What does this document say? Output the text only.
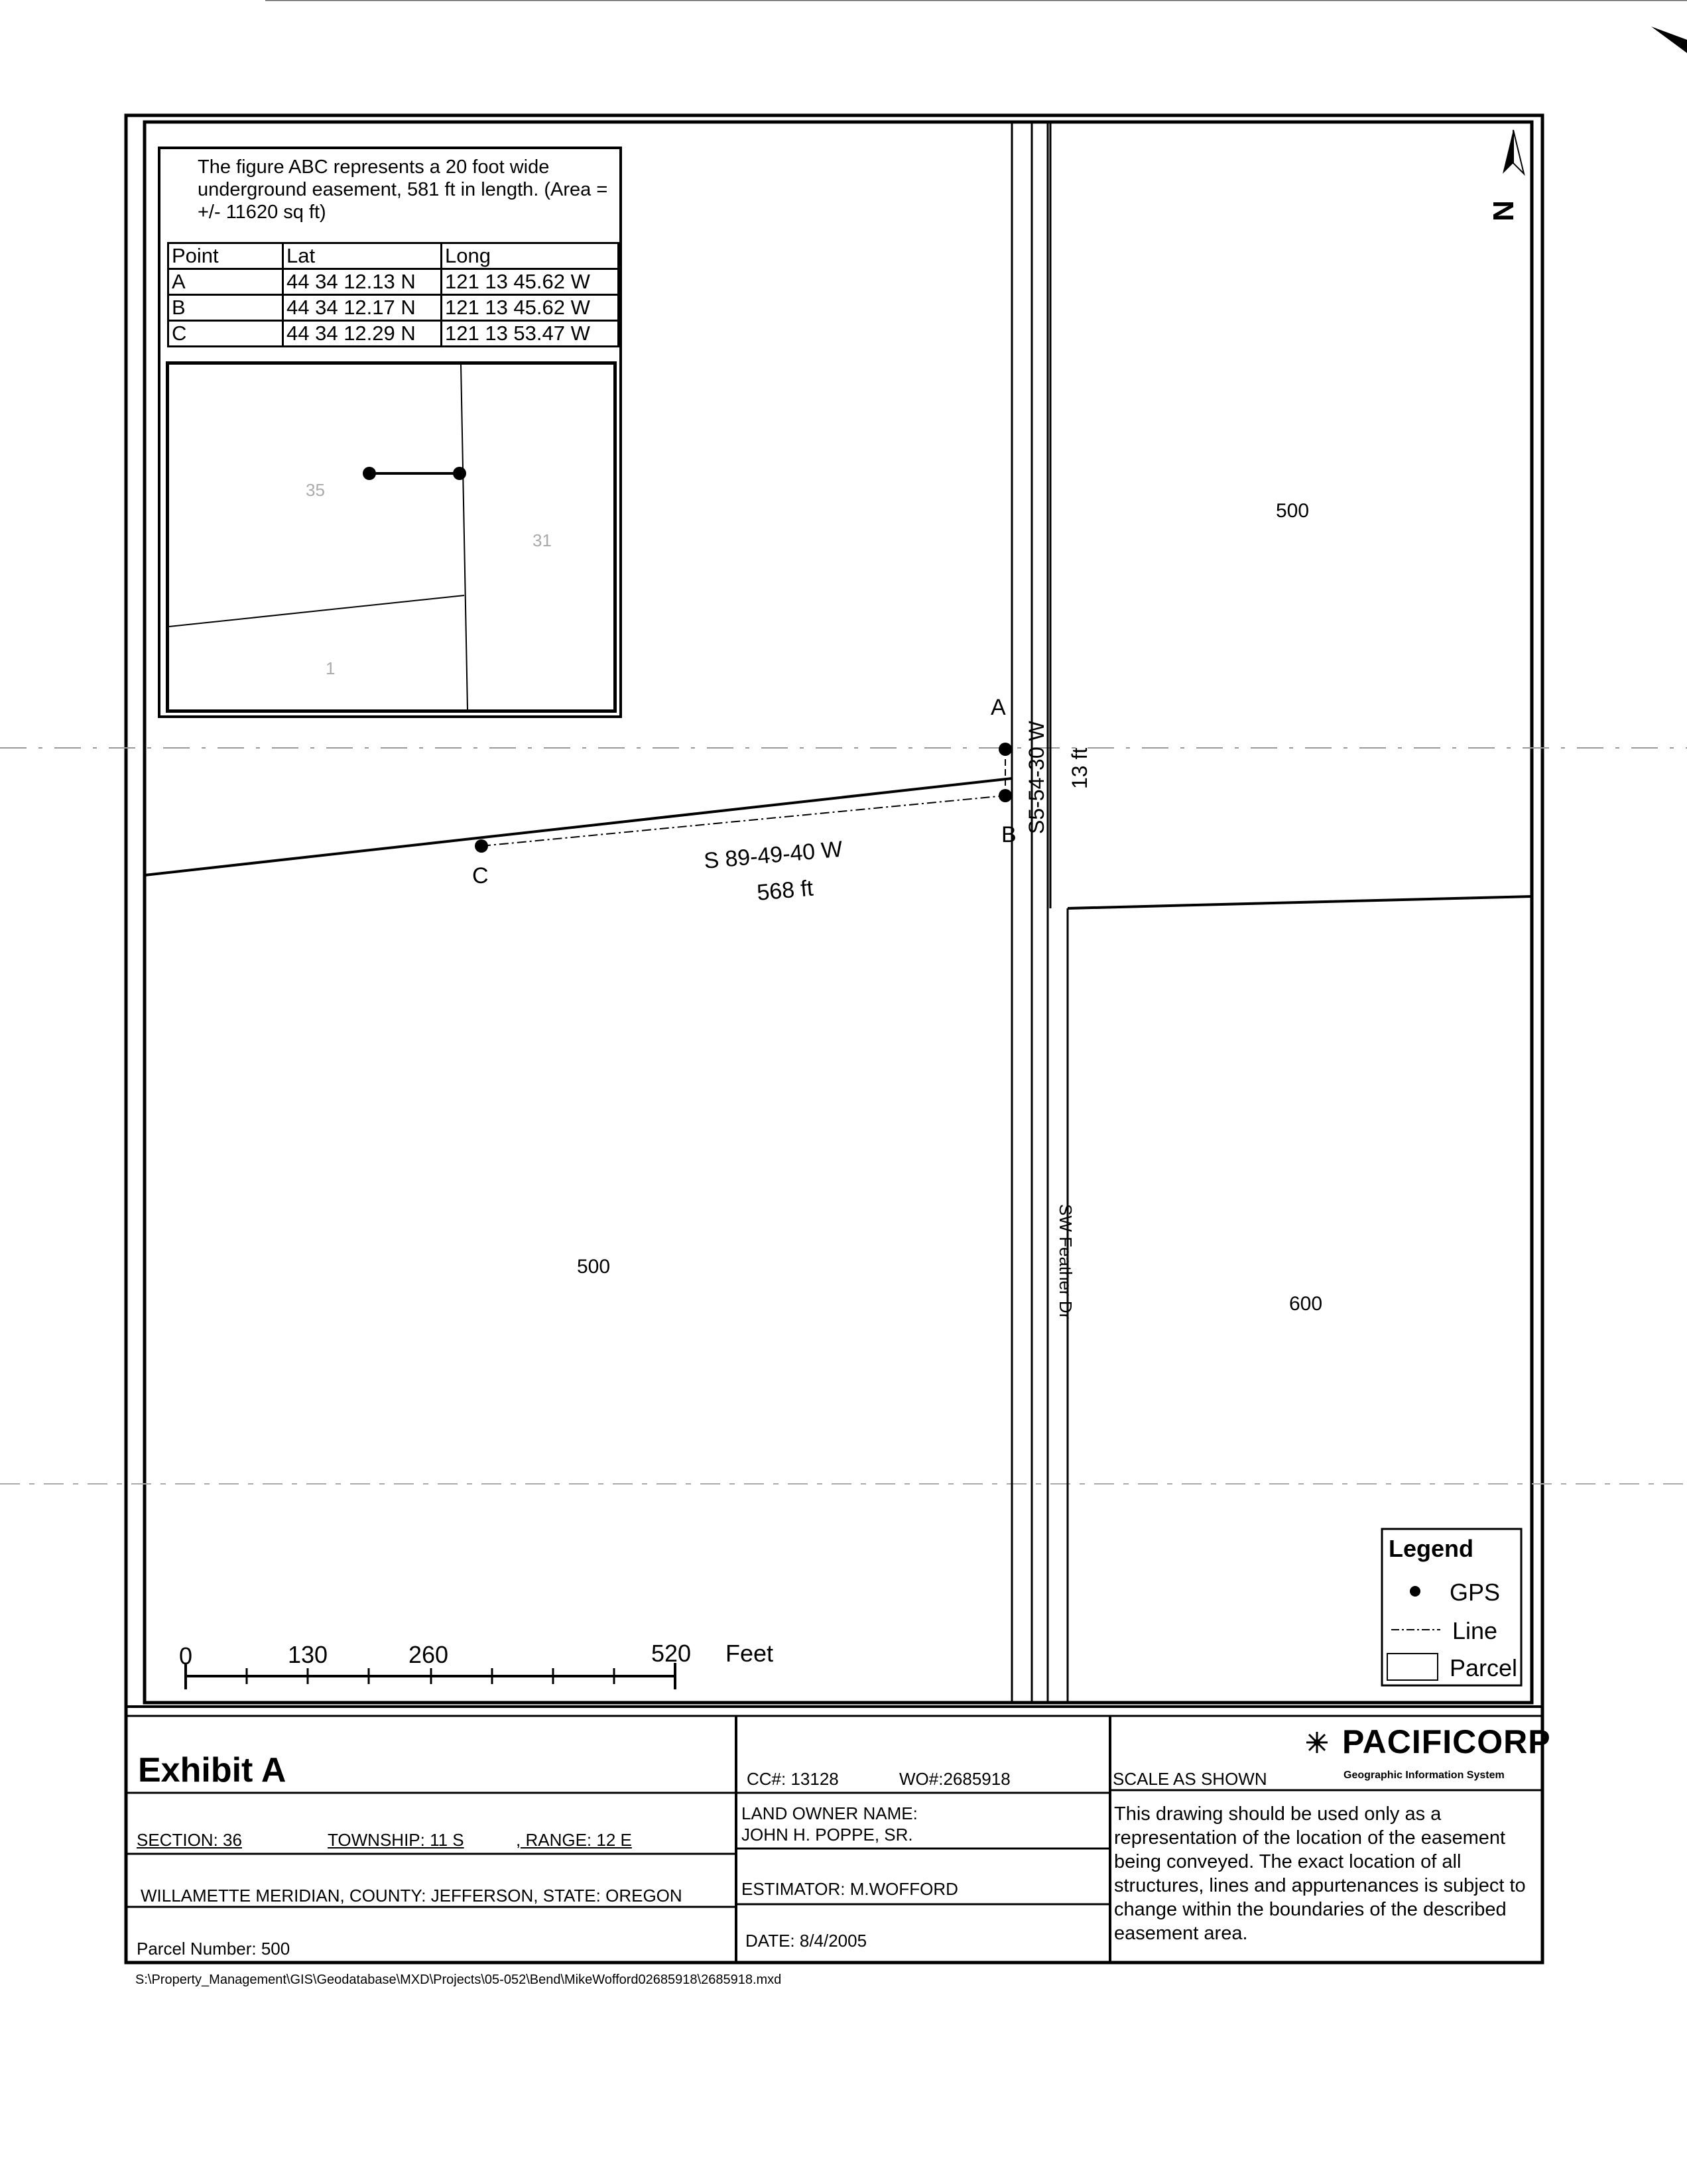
The figure ABC represents a 20 foot wide underground easement, 581 ft in length. (Area = +/- 11620 sq ft)
Point	Lat	Long
A	44 34 12.13 N	121 13 45.62 W
B	44 34 12.17 N	121 13 45.62 W
C	44 34 12.29 N	121 13 53.47 W
35
31
1
N
A
B
C
S 89-49-40 W
568 ft
S5-54-30 W 13 ft
SW Feather Dr
500
500
600
0	130	260	520 Feet
Legend
GPS
Line
Parcel
Exhibit A
SECTION: 36	TOWNSHIP: 11 S	, RANGE: 12 E
WILLAMETTE MERIDIAN, COUNTY: JEFFERSON, STATE: OREGON
Parcel Number: 500
CC#: 13128	WO#:2685918
LAND OWNER NAME:
JOHN H. POPPE, SR.
ESTIMATOR: M.WOFFORD
DATE: 8/4/2005
SCALE AS SHOWN
PACIFICORP
Geographic Information System
This drawing should be used only as a representation of the location of the easement being conveyed. The exact location of all structures, lines and appurtenances is subject to change within the boundaries of the described easement area.
S:\Property_Management\GIS\Geodatabase\MXD\Projects\05-052\Bend\MikeWofford02685918\2685918.mxd
